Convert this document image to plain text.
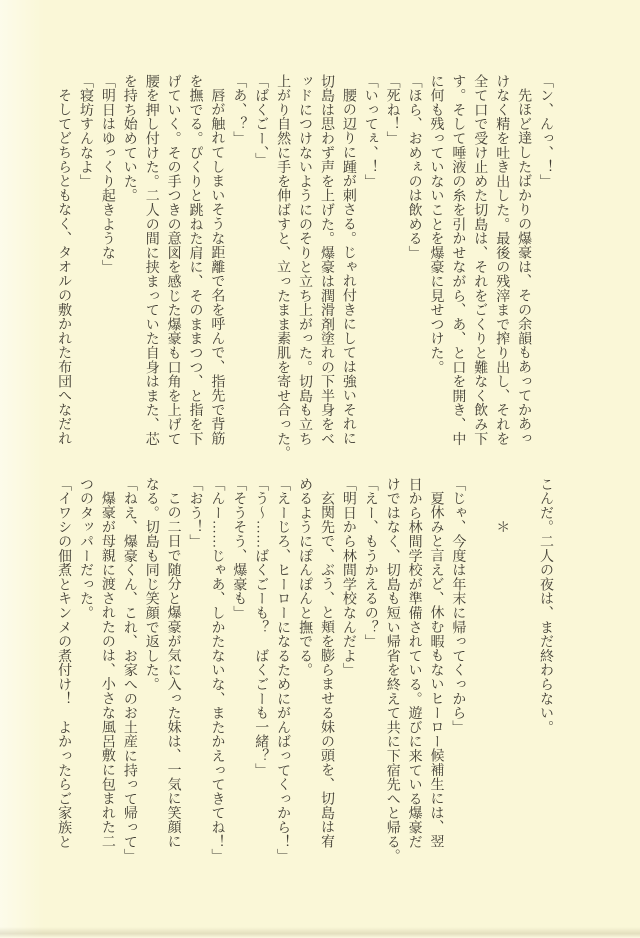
「ン、んっ、！」
先ほど達したばかりの爆豪は、その余韻もあってかあっ
けなく精を吐き出した。最後の残滓まで搾り出し、それを
全て口で受け止めた切島は、それをごくりと難なく飲み下
す。そして唾液の糸を引かせながら、あ、と口を開き、中
に何も残っていないことを爆豪に見せつけた。
「ほら、おめぇのは飲める」
「死ね！」
「いってぇ、！」
腰の辺りに踵が刺さる。じゃれ付きにしては強いそれに
切島は思わず声を上げた。爆豪は潤滑剤塗れの下半身をベ
ッドにつけないようにのそりと立ち上がった。切島も立ち
上がり自然に手を伸ばすと、立ったまま素肌を寄せ合った。
「ばくごー、」
「あ、？」
唇が触れてしまいそうな距離で名を呼んで、指先で背筋
を撫でる。ぴくりと跳ねた肩に、そのままつつ、と指を下
げていく。その手つきの意図を感じた爆豪も口角を上げて
腰を押し付けた。二人の間に挟まっていた自身はまた、芯
を持ち始めていた。
「明日はゆっくり起きような」
「寝坊すんなよ」
そしてどちらともなく、タオルの敷かれた布団へなだれ
こんだ。二人の夜は、まだ終わらない。
＊
「じゃ、今度は年末に帰ってくっから」
夏休みと言えど、休む暇もないヒーロー候補生には、翌
日から林間学校が準備されている。遊びに来ている爆豪だ
けではなく、切島も短い帰省を終えて共に下宿先へと帰る。
「えー、もうかえるの？」
「明日から林間学校なんだよ」
玄関先で、ぶう、と頬を膨らませる妹の頭を、切島は宥
めるようにぽんぽんと撫でる。
「えーじろ、ヒーローになるためにがんばってくっから！」
「う～……ばくごーも？　ばくごーも一緒？」
「そうそう、爆豪も」
「んー……じゃあ、しかたないな、またかえってきてね！」
「おう！」
この二日で随分と爆豪が気に入った妹は、一気に笑顔に
なる。切島も同じ笑顔で返した。
「ねえ、爆豪くん、これ、お家へのお土産に持って帰って」
爆豪が母親に渡されたのは、小さな風呂敷に包まれた二
つのタッパーだった。
「イワシの佃煮とキンメの煮付け！　よかったらご家族と
